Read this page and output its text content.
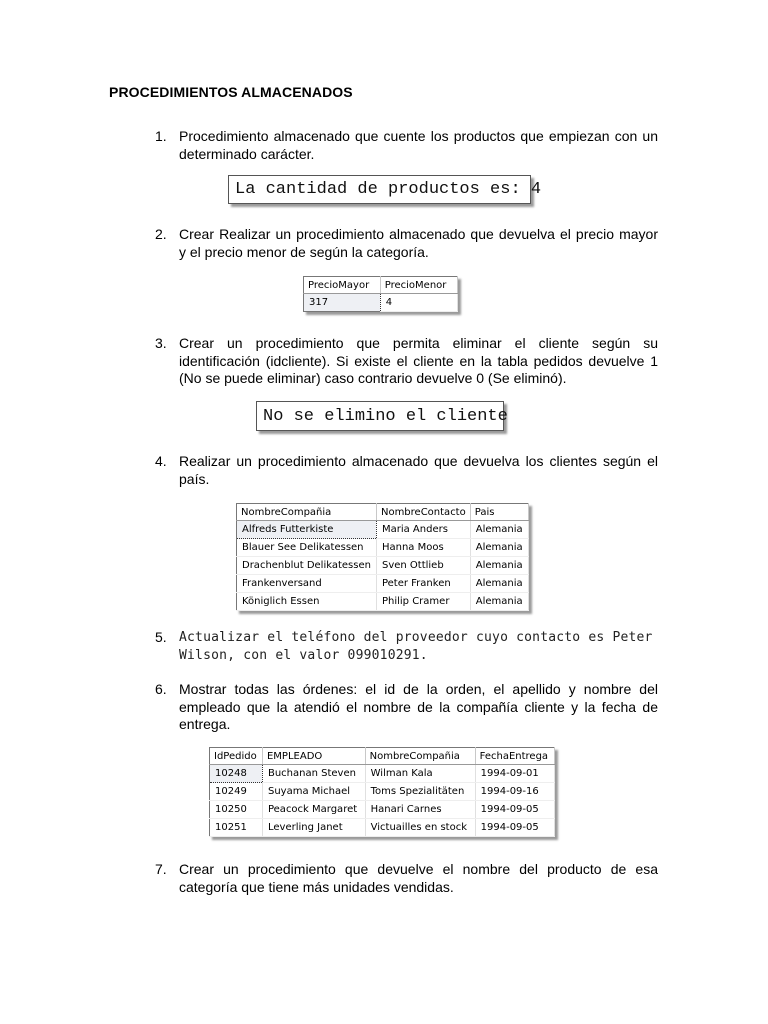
PROCEDIMIENTOS ALMACENADOS
1. Procedimiento almacenado que cuente los productos que empiezan con un determinado carácter.
La cantidad de productos es: 4
2. Crear Realizar un procedimiento almacenado que devuelva el precio mayor y el precio menor de según la categoría.
PrecioMayor	PrecioMenor
317	4
3. Crear un procedimiento que permita eliminar el cliente según su identificación (idcliente). Si existe el cliente en la tabla pedidos devuelve 1 (No se puede eliminar) caso contrario devuelve 0 (Se eliminó).
No se elimino el cliente
4. Realizar un procedimiento almacenado que devuelva los clientes según el país.
NombreCompañia	NombreContacto	Pais
Alfreds Futterkiste	Maria Anders	Alemania
Blauer See Delikatessen	Hanna Moos	Alemania
Drachenblut Delikatessen	Sven Ottlieb	Alemania
Frankenversand	Peter Franken	Alemania
Königlich Essen	Philip Cramer	Alemania
5. Actualizar el teléfono del proveedor cuyo contacto es Peter Wilson, con el valor 099010291.
6. Mostrar todas las órdenes: el id de la orden, el apellido y nombre del empleado que la atendió el nombre de la compañía cliente y la fecha de entrega.
IdPedido	EMPLEADO	NombreCompañia	FechaEntrega
10248	Buchanan Steven	Wilman Kala	1994-09-01
10249	Suyama Michael	Toms Spezialitäten	1994-09-16
10250	Peacock Margaret	Hanari Carnes	1994-09-05
10251	Leverling Janet	Victuailles en stock	1994-09-05
7. Crear un procedimiento que devuelve el nombre del producto de esa categoría que tiene más unidades vendidas.
